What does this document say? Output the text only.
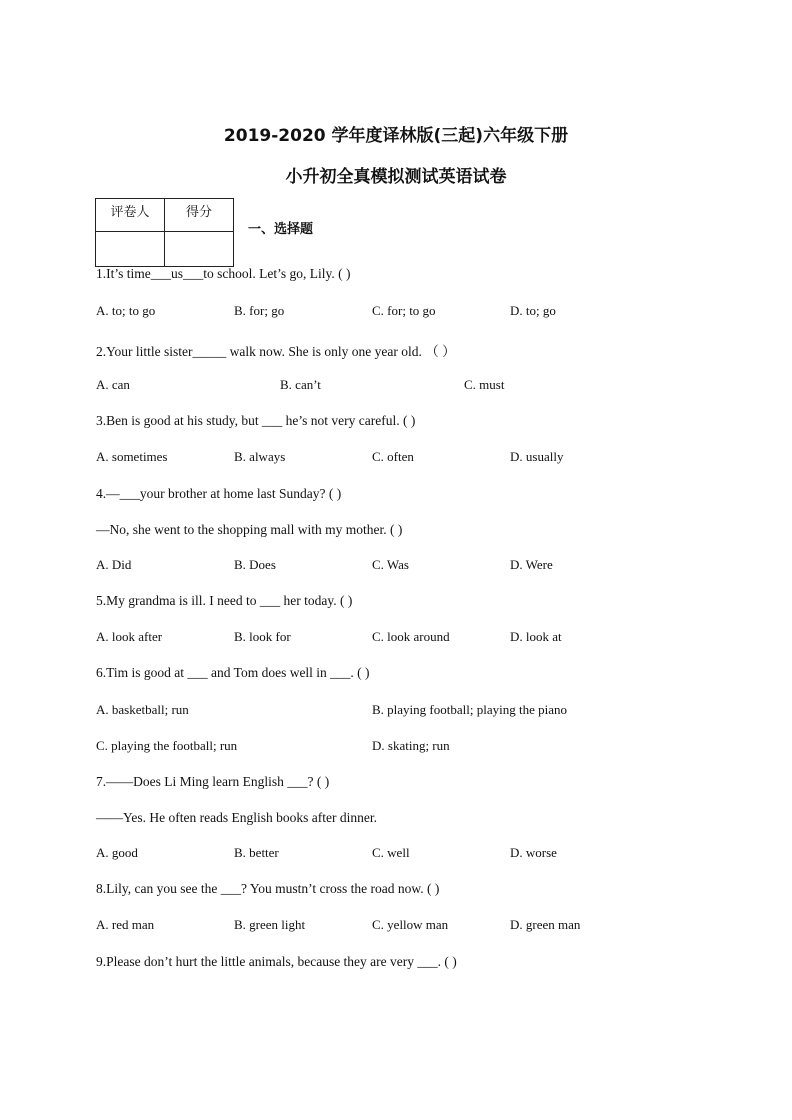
2019-2020 学年度译林版(三起)六年级下册
小升初全真模拟测试英语试卷
评卷人	得分

一、选择题
1.It’s time___us___to school. Let’s go, Lily. ( )
A. to; to go	B. for; go	C. for; to go	D. to; go
2.Your little sister_____ walk now. She is only one year old. （ ）
A. can	B. can’t	C. must
3.Ben is good at his study, but ___ he’s not very careful. ( )
A. sometimes	B. always	C. often	D. usually
4.—___your brother at home last Sunday? ( )
—No, she went to the shopping mall with my mother. ( )
A. Did	B. Does	C. Was	D. Were
5.My grandma is ill. I need to ___ her today. ( )
A. look after	B. look for	C. look around	D. look at
6.Tim is good at ___ and Tom does well in ___. ( )
A. basketball; run	B. playing football; playing the piano
C. playing the football; run	D. skating; run
7.——Does Li Ming learn English ___? ( )
——Yes. He often reads English books after dinner.
A. good	B. better	C. well	D. worse
8.Lily, can you see the ___? You mustn’t cross the road now. ( )
A. red man	B. green light	C. yellow man	D. green man
9.Please don’t hurt the little animals, because they are very ___. ( )
